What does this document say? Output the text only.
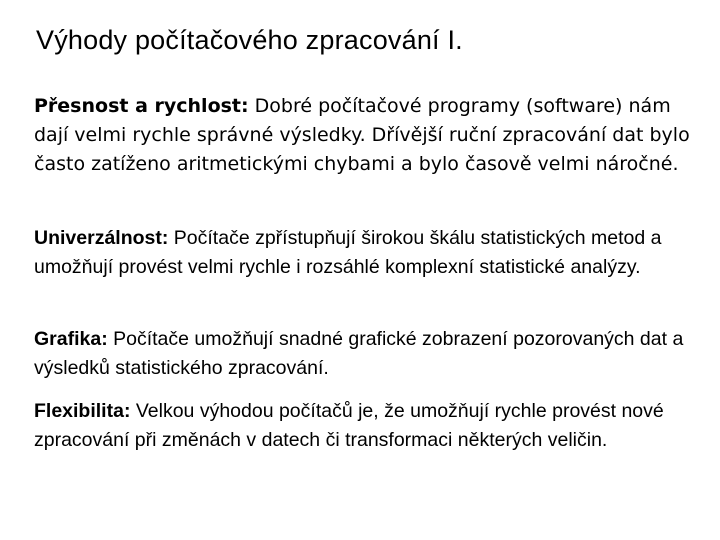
Výhody počítačového zpracování I.

Přesnost a rychlost: Dobré počítačové programy (software) nám dají velmi rychle správné výsledky. Dřívější ruční zpracování dat bylo často zatíženo aritmetickými chybami a bylo časově velmi náročné.

Univerzálnost: Počítače zpřístupňují širokou škálu statistických metod a umožňují provést velmi rychle i rozsáhlé komplexní statistické analýzy.

Grafika: Počítače umožňují snadné grafické zobrazení pozorovaných dat a výsledků statistického zpracování.

Flexibilita: Velkou výhodou počítačů je, že umožňují rychle provést nové zpracování při změnách v datech či transformaci některých veličin.
